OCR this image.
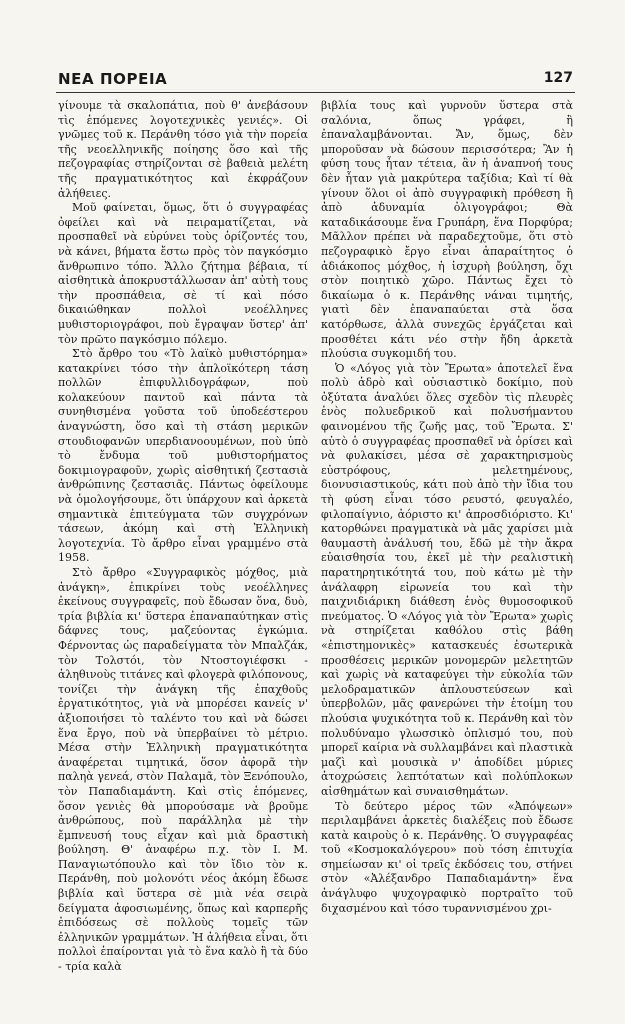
ΝΕΑ ΠΟΡΕΙΑ	127

γίνουμε τὰ σκαλοπάτια, ποὺ θ' ἀνεβάσουν τὶς ἑπόμενες λογοτεχνικὲς γενιές». Οἱ γνῶμες τοῦ κ. Περάνθη τόσο γιὰ τὴν πορεία τῆς νεοελληνικῆς ποίησης ὅσο καὶ τῆς πεζογραφίας στηρίζονται σὲ βαθειὰ μελέτη τῆς πραγματικότητος καὶ ἐκφράζουν ἀλήθειες.

Μοῦ φαίνεται, ὅμως, ὅτι ὁ συγγραφέας ὀφείλει καὶ νὰ πειραματίζεται, νὰ προσπαθεῖ νὰ εὐρύνει τοὺς ὁρίζοντές του, νὰ κάνει, βήματα ἔστω πρὸς τὸν παγκόσμιο ἄνθρωπινο τόπο. Ἄλλο ζήτημα βέβαια, τί αἰσθητικὰ ἀποκρυστάλλωσαν ἀπ' αὐτὴ τους τὴν προσπάθεια, σὲ τί καὶ πόσο δικαιώθηκαν πολλοὶ νεοέλληνες μυθιστοριογράφοι, ποὺ ἔγραψαν ὕστερ' ἀπ' τὸν πρῶτο παγκόσμιο πόλεμο.

Στὸ ἄρθρο του «Τὸ λαϊκὸ μυθιστόρημα» κατακρίνει τόσο τὴν ἀπλοϊκότερη τάση πολλῶν ἐπιφυλλιδογράφων, ποὺ κολακεύουν παντοῦ καὶ πάντα τὰ συνηθισμένα γοῦστα τοῦ ὑποδεέστερου ἀναγνώστη, ὅσο καὶ τὴ στάση μερικῶν στουδιοφανῶν υπερδιανοουμένων, ποὺ ὑπὸ τὸ ἔνδυμα τοῦ μυθιστορήματος δοκιμιογραφοῦν, χωρὶς αἰσθητική ζεστασιὰ ἀνθρώπινης ζεστασιᾶς. Πάντως ὀφείλουμε νὰ ὁμολογήσουμε, ὅτι ὑπάρχουν καὶ ἀρκετὰ σημαντικὰ ἐπιτεύγματα τῶν συγχρόνων τάσεων, ἀκόμη καὶ στὴ Ἑλληνικὴ λογοτεχνία. Τὸ ἄρθρο εἶναι γραμμένο στὰ 1958.

Στὸ ἄρθρο «Συγγραφικὸς μόχθος, μιὰ ἀνάγκη», ἐπικρίνει τοὺς νεοέλληνες ἐκείνους συγγραφεῖς, ποὺ ἔδωσαν ὅνα, δυὸ, τρία βιβλία κι' ὕστερα ἐπαναπαύτηκαν στὶς δάφνες τους, μαζεύοντας ἐγκώμια. Φέρνοντας ὡς παραδείγματα τὸν Μπαλζάκ, τὸν Τολστόι, τὸν Ντοστογιέφσκι - ἀληθινοὺς τιτάνες καὶ φλογερὰ φιλόπονους, τονίζει τὴν ἀνάγκη τῆς ἐπαχθοῦς ἐργατικότητος, γιὰ νὰ μπορέσει κανείς ν' ἀξιοποιήσει τὸ ταλέντο του καὶ νὰ δώσει ἕνα ἔργο, ποὺ νὰ ὑπερβαίνει τὸ μέτριο. Μέσα στὴν Ἑλληνικὴ πραγματικότητα ἀναφέρεται τιμητικά, ὅσον ἀφορᾶ τὴν παληὰ γενεά, στὸν Παλαμᾶ, τὸν Ξενόπουλο, τὸν Παπαδιαμάντη. Καὶ στὶς ἑπόμενες, ὅσον γενιὲς θὰ μπορούσαμε νὰ βροῦμε ἀνθρώπους, ποὺ παράλληλα μὲ τὴν ἔμπνευσή τους εἶχαν καὶ μιὰ δραστικὴ βούληση. Θ' ἀναφέρω π.χ. τὸν Ι. Μ. Παναγιωτόπουλο καὶ τὸν ἴδιο τὸν κ. Περάνθη, ποὺ μολονότι νέος ἀκόμη ἔδωσε βιβλία καὶ ὕστερα σὲ μιὰ νέα σειρὰ δείγματα ἀφοσιωμένης, ὅπως καὶ καρπερῆς ἐπιδόσεως σὲ πολλοὺς τομεῖς τῶν ἑλληνικῶν γραμμάτων. Ἡ ἀλήθεια εἶναι, ὅτι πολλοὶ ἐπαίρονται γιὰ τὸ ἕνα καλὸ ἢ τὰ δύο - τρία καλὰ

βιβλία τους καὶ γυρνοῦν ὕστερα στὰ σαλόνια, ὅπως γράφει, ἢ ἐπαναλαμβάνονται. Ἄν, ὅμως, δὲν μποροῦσαν νὰ δώσουν περισσότερα; Ἂν ἡ φύση τους ἦταν τέτεια, ἂν ἡ ἀναπνοή τους δὲν ἦταν γιὰ μακρύτερα ταξίδια; Καὶ τί θὰ γίνουν ὅλοι οἱ ἀπὸ συγγραφικὴ πρόθεση ἢ ἀπὸ ἀδυναμία ὀλιγογράφοι; Θὰ καταδικάσουμε ἕνα Γρυπάρη, ἕνα Πορφύρα; Μᾶλλον πρέπει νὰ παραδεχτοῦμε, ὅτι στὸ πεζογραφικὸ ἔργο εἶναι ἀπαραίτητος ὁ ἀδιάκοπος μόχθος, ἡ ἰσχυρὴ βούληση, ὄχι στὸν ποιητικὸ χῶρο. Πάντως ἔχει τὸ δικαίωμα ὁ κ. Περάνθης νάναι τιμητής, γιατὶ δὲν ἐπαναπαύεται στὰ ὅσα κατόρθωσε, ἀλλὰ συνεχῶς ἐργάζεται καὶ προσθέτει κάτι νέο στὴν ἤδη ἀρκετὰ πλούσια συγκομιδή του.

Ὁ «Λόγος γιὰ τὸν Ἔρωτα» ἀποτελεῖ ἕνα πολὺ ἁδρὸ καὶ οὐσιαστικὸ δοκίμιο, ποὺ ὀξύτατα ἀναλύει ὅλες σχεδὸν τὶς πλευρὲς ἑνὸς πολυεδρικοῦ καὶ πολυσήμαντου φαινομένου τῆς ζωῆς μας, τοῦ Ἔρωτα. Σ' αὐτὸ ὁ συγγραφέας προσπαθεῖ νὰ ὁρίσει καὶ νὰ φυλακίσει, μέσα σὲ χαρακτηρισμοὺς εὐστρόφους, μελετημένους, διονυσιαστικούς, κάτι ποὺ ἀπὸ τὴν ἴδια του τὴ φύση εἶναι τόσο ρευστό, φευγαλέο, φιλοπαίγνιο, ἀόριστο κι' ἀπροσδιόριστο. Κι' κατορθώνει πραγματικὰ νὰ μᾶς χαρίσει μιὰ θαυμαστὴ ἀνάλυσή του, ἔδῶ μὲ τὴν ἄκρα εὐαισθησία του, ἐκεῖ μὲ τὴν ρεαλιστικὴ παρατηρητικότητά του, ποὺ κάτω μὲ τὴν ἀνάλαφρη εἰρωνεία του καὶ τὴν παιχνιδιάρικη διάθεση ἑνὸς θυμοσοφικοῦ πνεύματος. Ὁ «Λόγος γιὰ τὸν Ἔρωτα» χωρὶς νὰ στηρίζεται καθόλου στὶς βάθη «ἐπιστημονικὲς» κατασκευές ἐσωτερικὰ προσθέσεις μερικῶν μονομερῶν μελετητῶν καὶ χωρὶς νὰ καταφεύγει τὴν εὐκολία τῶν μελοδραματικῶν ἀπλουστεύσεων καὶ ὑπερβολῶν, μᾶς φανερώνει τὴν ἑτοίμη του πλούσια ψυχικότητα τοῦ κ. Περάνθη καὶ τὸν πολυδύναμο γλωσσικὸ ὀπλισμό του, ποὺ μπορεῖ καίρια νὰ συλλαμβάνει καὶ πλαστικὰ μαζὶ καὶ μουσικὰ ν' ἀποδίδει μύριες ἀτοχρώσεις λεπτότατων καὶ πολύπλοκων αἰσθημάτων καὶ συναισθημάτων.

Τὸ δεύτερο μέρος τῶν «Ἀπόψεων» περιλαμβάνει ἀρκετὲς διαλέξεις ποὺ ἔδωσε κατὰ καιροὺς ὁ κ. Περάνθης. Ὁ συγγραφέας τοῦ «Κοσμοκαλόγερου» ποὺ τόση ἐπιτυχία σημείωσαν κι' οἱ τρεῖς ἐκδόσεις του, στήνει στὸν «Ἀλέξανδρο Παπαδιαμάντη» ἕνα ἀνάγλυφο ψυχογραφικὸ πορτραῖτο τοῦ διχασμένου καὶ τόσο τυραννισμένου χρι-
